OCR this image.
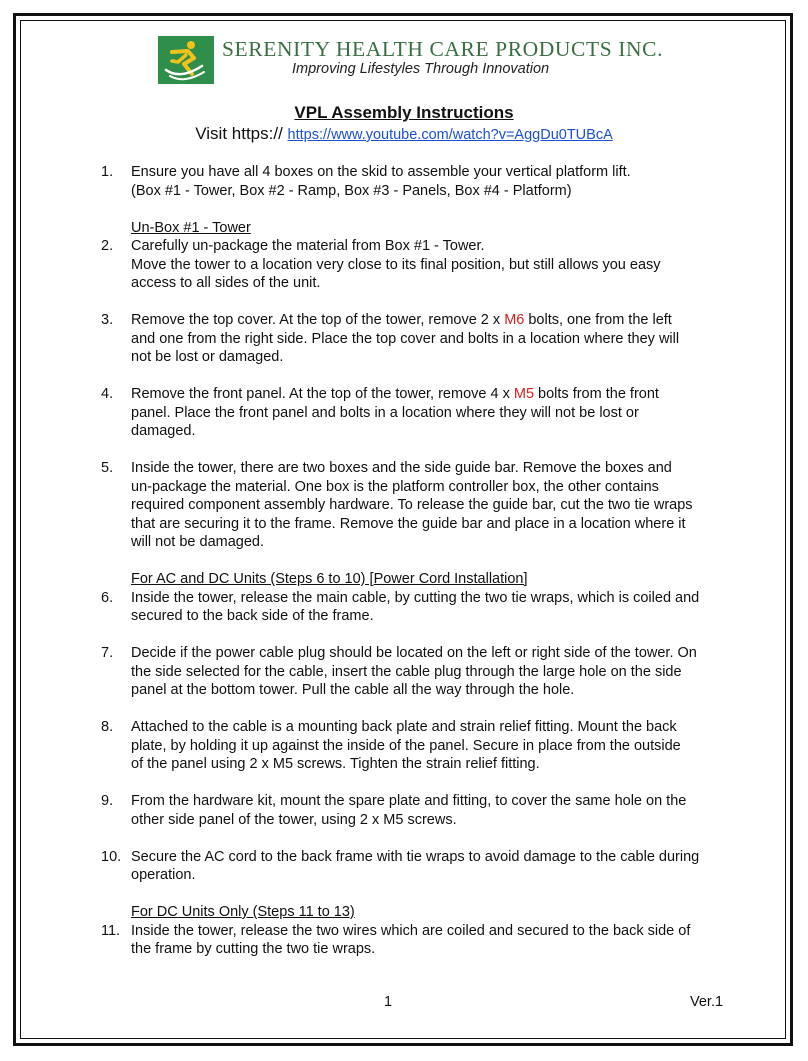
SERENITY HEALTH CARE PRODUCTS INC.
Improving Lifestyles Through Innovation
VPL Assembly Instructions
Visit https:// https://www.youtube.com/watch?v=AggDu0TUBcA
1. Ensure you have all 4 boxes on the skid to assemble your vertical platform lift.
(Box #1 - Tower, Box #2 - Ramp, Box #3 - Panels, Box #4 - Platform)
Un-Box #1 - Tower
2. Carefully un-package the material from Box #1 - Tower.
Move the tower to a location very close to its final position, but still allows you easy
access to all sides of the unit.
3. Remove the top cover. At the top of the tower, remove 2 x M6 bolts, one from the left
and one from the right side. Place the top cover and bolts in a location where they will
not be lost or damaged.
4. Remove the front panel. At the top of the tower, remove 4 x M5 bolts from the front
panel. Place the front panel and bolts in a location where they will not be lost or
damaged.
5. Inside the tower, there are two boxes and the side guide bar. Remove the boxes and
un-package the material. One box is the platform controller box, the other contains
required component assembly hardware. To release the guide bar, cut the two tie wraps
that are securing it to the frame. Remove the guide bar and place in a location where it
will not be damaged.
For AC and DC Units (Steps 6 to 10) [Power Cord Installation]
6. Inside the tower, release the main cable, by cutting the two tie wraps, which is coiled and
secured to the back side of the frame.
7. Decide if the power cable plug should be located on the left or right side of the tower. On
the side selected for the cable, insert the cable plug through the large hole on the side
panel at the bottom tower. Pull the cable all the way through the hole.
8. Attached to the cable is a mounting back plate and strain relief fitting. Mount the back
plate, by holding it up against the inside of the panel. Secure in place from the outside
of the panel using 2 x M5 screws. Tighten the strain relief fitting.
9. From the hardware kit, mount the spare plate and fitting, to cover the same hole on the
other side panel of the tower, using 2 x M5 screws.
10. Secure the AC cord to the back frame with tie wraps to avoid damage to the cable during
operation.
For DC Units Only (Steps 11 to 13)
11. Inside the tower, release the two wires which are coiled and secured to the back side of
the frame by cutting the two tie wraps.
1	Ver.1
